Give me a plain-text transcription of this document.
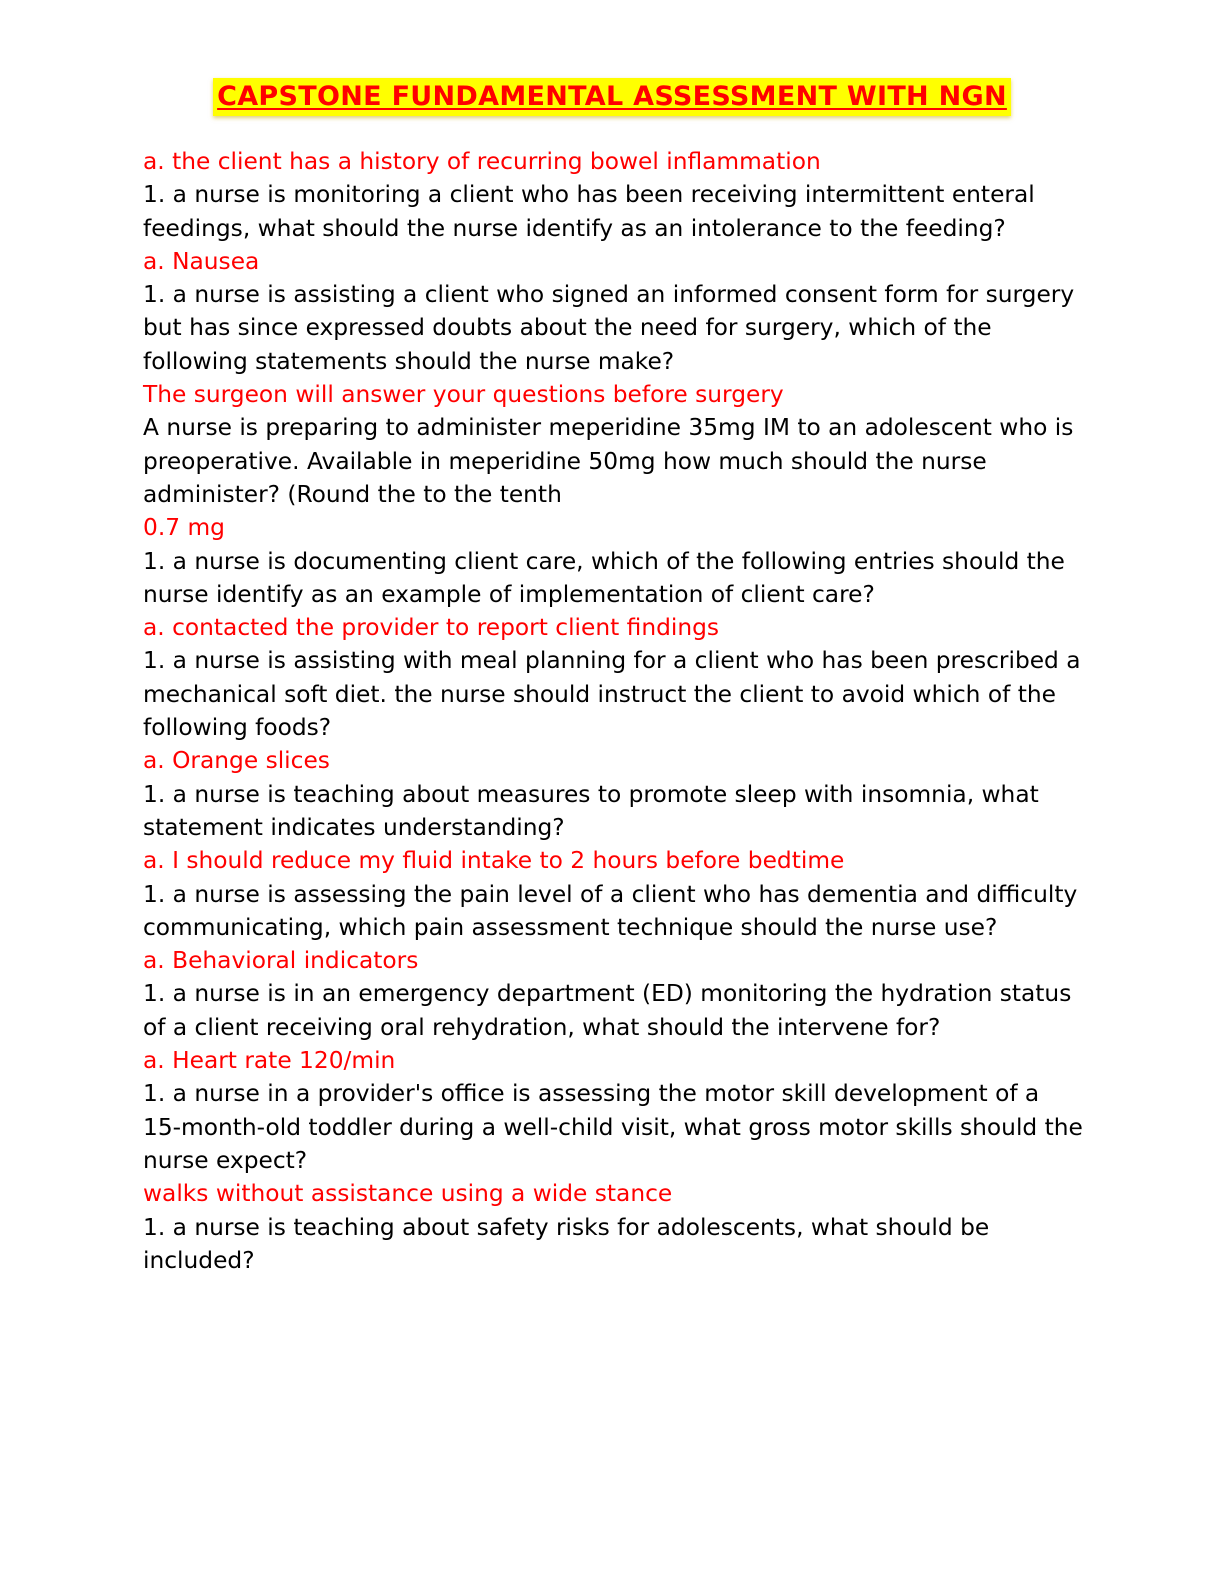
CAPSTONE FUNDAMENTAL ASSESSMENT WITH NGN

a. the client has a history of recurring bowel inflammation

1. a nurse is monitoring a client who has been receiving intermittent enteral feedings, what should the nurse identify as an intolerance to the feeding?

a. Nausea

1. a nurse is assisting a client who signed an informed consent form for surgery but has since expressed doubts about the need for surgery, which of the following statements should the nurse make?

The surgeon will answer your questions before surgery

A nurse is preparing to administer meperidine 35mg IM to an adolescent who is preoperative. Available in meperidine 50mg how much should the nurse administer? (Round the to the tenth

0.7 mg

1. a nurse is documenting client care, which of the following entries should the nurse identify as an example of implementation of client care?

a. contacted the provider to report client findings

1. a nurse is assisting with meal planning for a client who has been prescribed a mechanical soft diet. the nurse should instruct the client to avoid which of the following foods?

a. Orange slices

1. a nurse is teaching about measures to promote sleep with insomnia, what statement indicates understanding?

a. I should reduce my fluid intake to 2 hours before bedtime

1. a nurse is assessing the pain level of a client who has dementia and difficulty communicating, which pain assessment technique should the nurse use?

a. Behavioral indicators

1. a nurse is in an emergency department (ED) monitoring the hydration status of a client receiving oral rehydration, what should the intervene for?

a. Heart rate 120/min

1. a nurse in a provider's office is assessing the motor skill development of a 15-month-old toddler during a well-child visit, what gross motor skills should the nurse expect?

walks without assistance using a wide stance

1. a nurse is teaching about safety risks for adolescents, what should be included?
